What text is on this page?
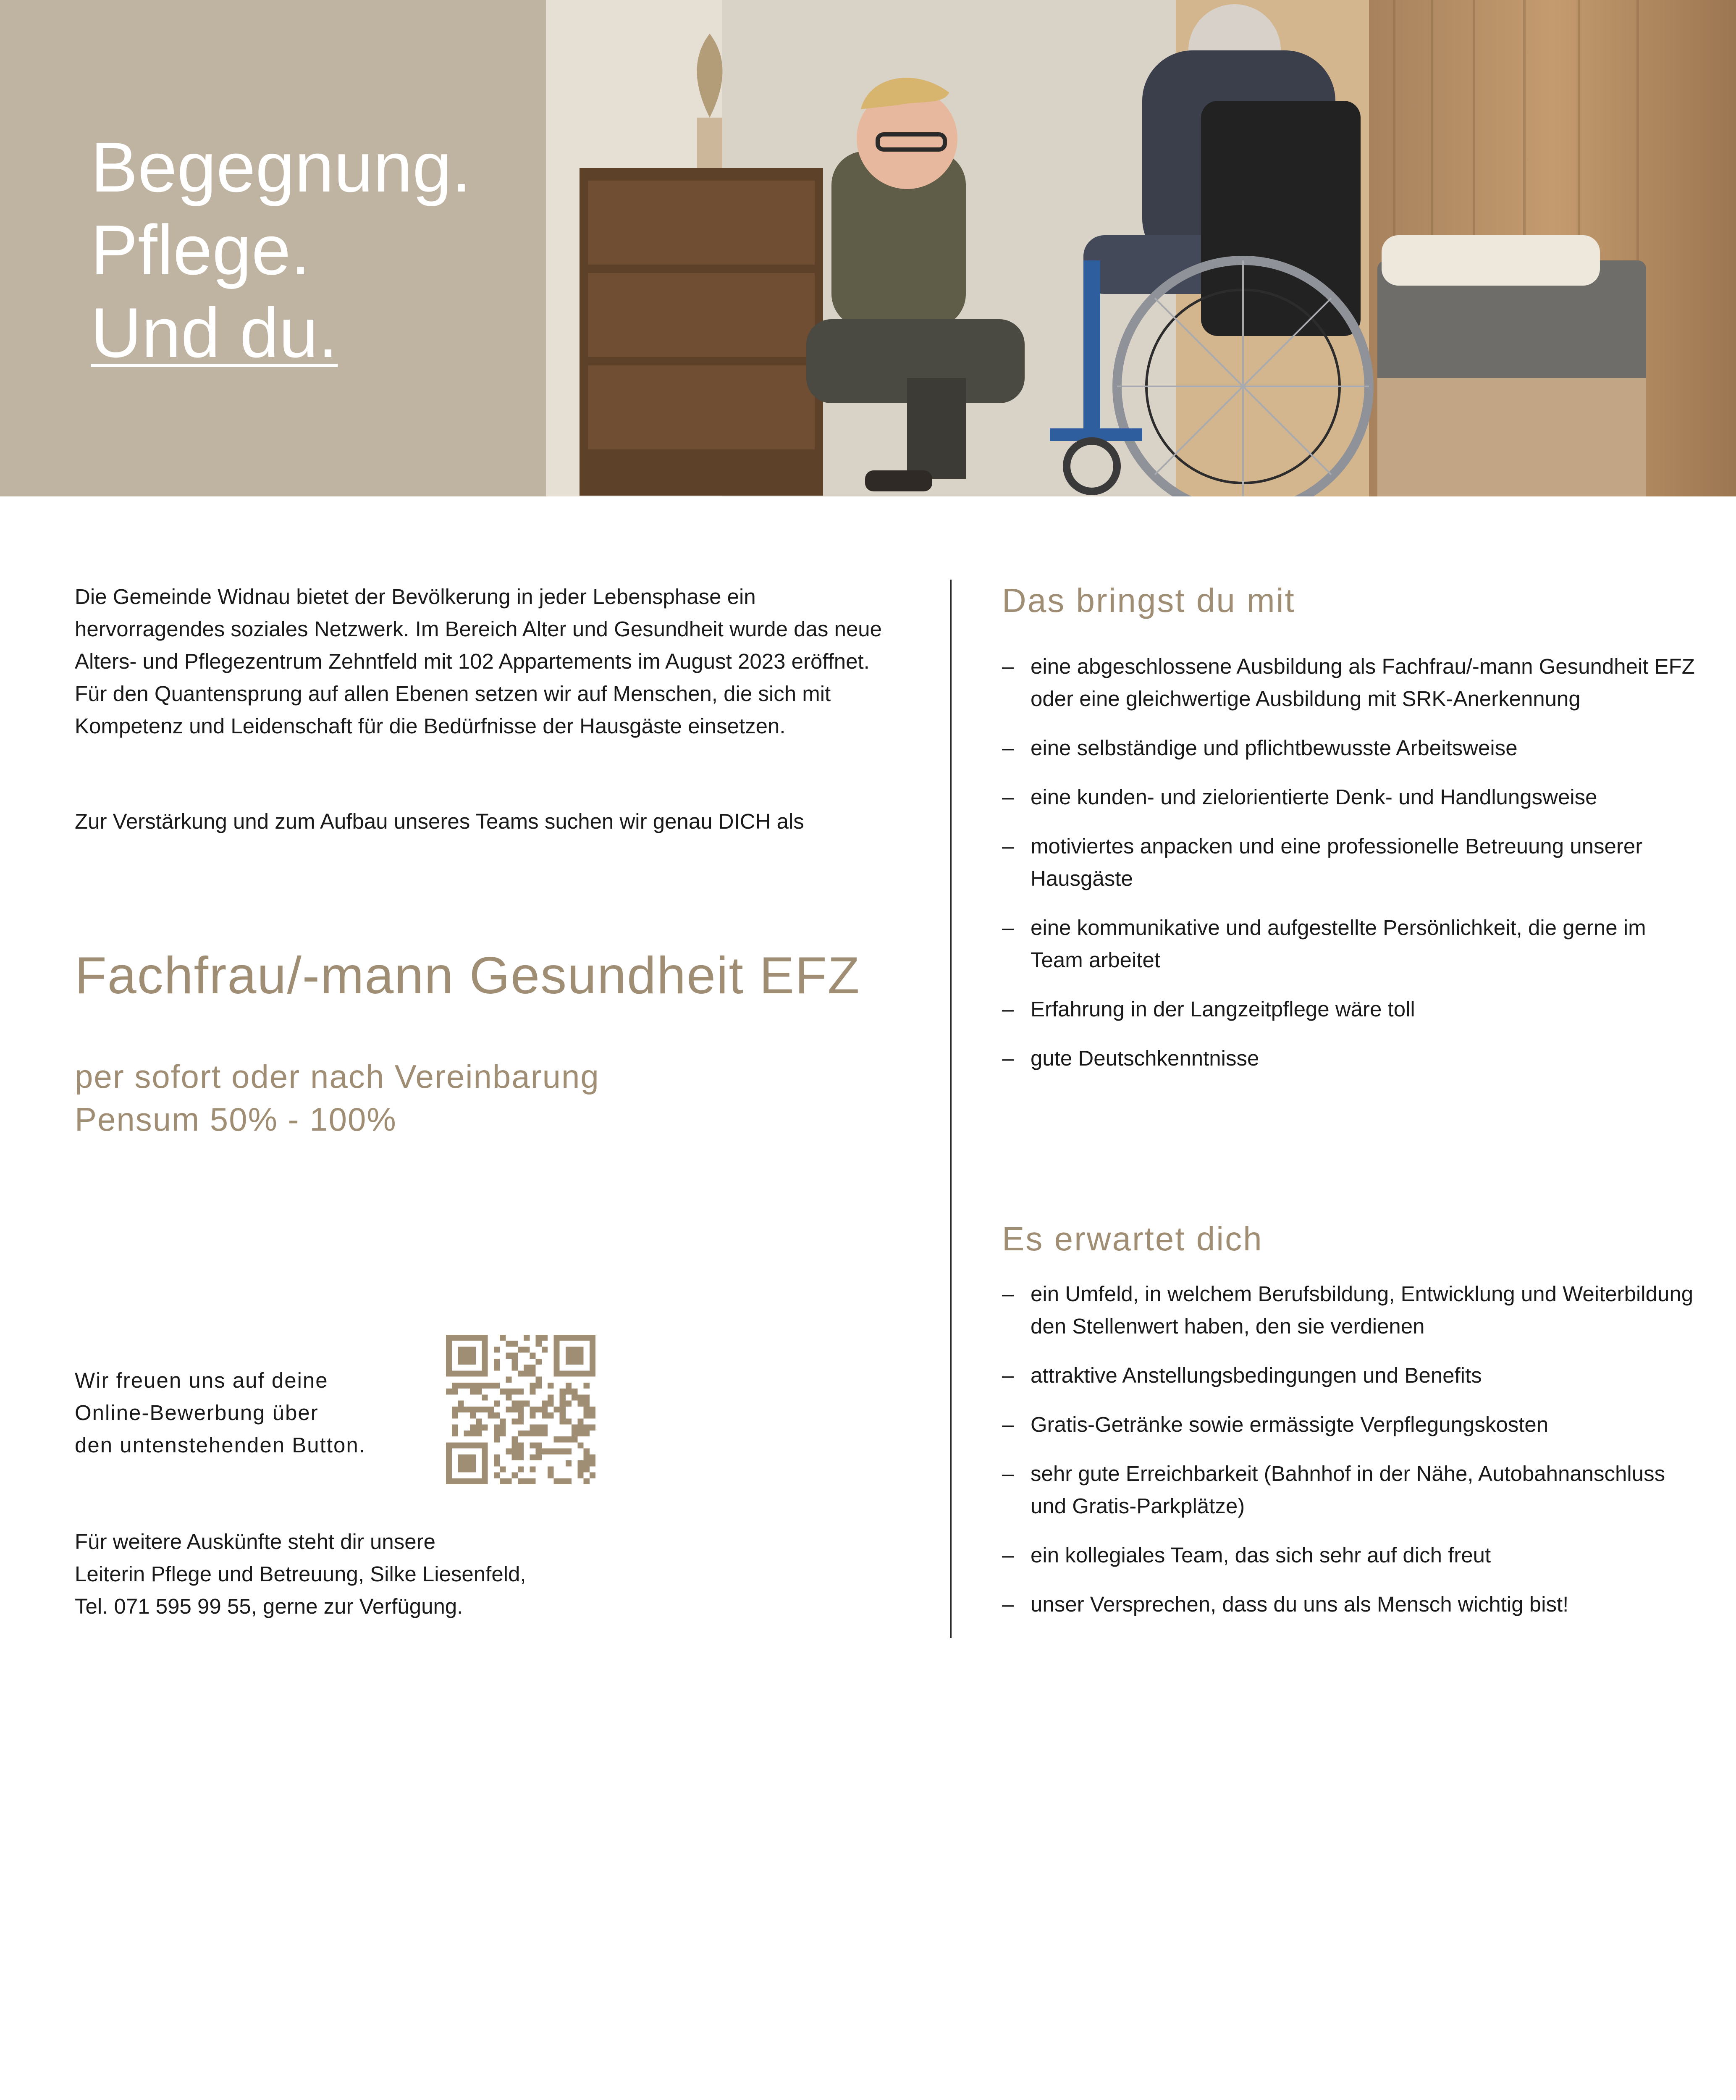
Begegnung.
Pflege.
Und du.

Die Gemeinde Widnau bietet der Bevölkerung in jeder Lebensphase ein hervorragendes soziales Netzwerk. Im Bereich Alter und Gesundheit wurde das neue Alters- und Pflegezentrum Zehntfeld mit 102 Appartements im August 2023 eröffnet. Für den Quantensprung auf allen Ebenen setzen wir auf Menschen, die sich mit Kompetenz und Leidenschaft für die Bedürfnisse der Hausgäste einsetzen.

Zur Verstärkung und zum Aufbau unseres Teams suchen wir genau DICH als

Fachfrau/-mann Gesundheit EFZ

per sofort oder nach Vereinbarung
Pensum 50% - 100%

Wir freuen uns auf deine
Online-Bewerbung über
den untenstehenden Button.

Für weitere Auskünfte steht dir unsere
Leiterin Pflege und Betreuung, Silke Liesenfeld,
Tel. 071 595 99 55, gerne zur Verfügung.

Das bringst du mit
– eine abgeschlossene Ausbildung als Fachfrau/-mann Gesundheit EFZ oder eine gleichwertige Ausbildung mit SRK-Anerkennung
– eine selbständige und pflichtbewusste Arbeitsweise
– eine kunden- und zielorientierte Denk- und Handlungsweise
– motiviertes anpacken und eine professionelle Betreuung unserer Hausgäste
– eine kommunikative und aufgestellte Persönlichkeit, die gerne im Team arbeitet
– Erfahrung in der Langzeitpflege wäre toll
– gute Deutschkenntnisse
Es erwartet dich
– ein Umfeld, in welchem Berufsbildung, Entwicklung und Weiterbildung den Stellenwert haben, den sie verdienen
– attraktive Anstellungsbedingungen und Benefits
– Gratis-Getränke sowie ermässigte Verpflegungskosten
– sehr gute Erreichbarkeit (Bahnhof in der Nähe, Autobahnanschluss und Gratis-Parkplätze)
– ein kollegiales Team, das sich sehr auf dich freut
– unser Versprechen, dass du uns als Mensch wichtig bist!
